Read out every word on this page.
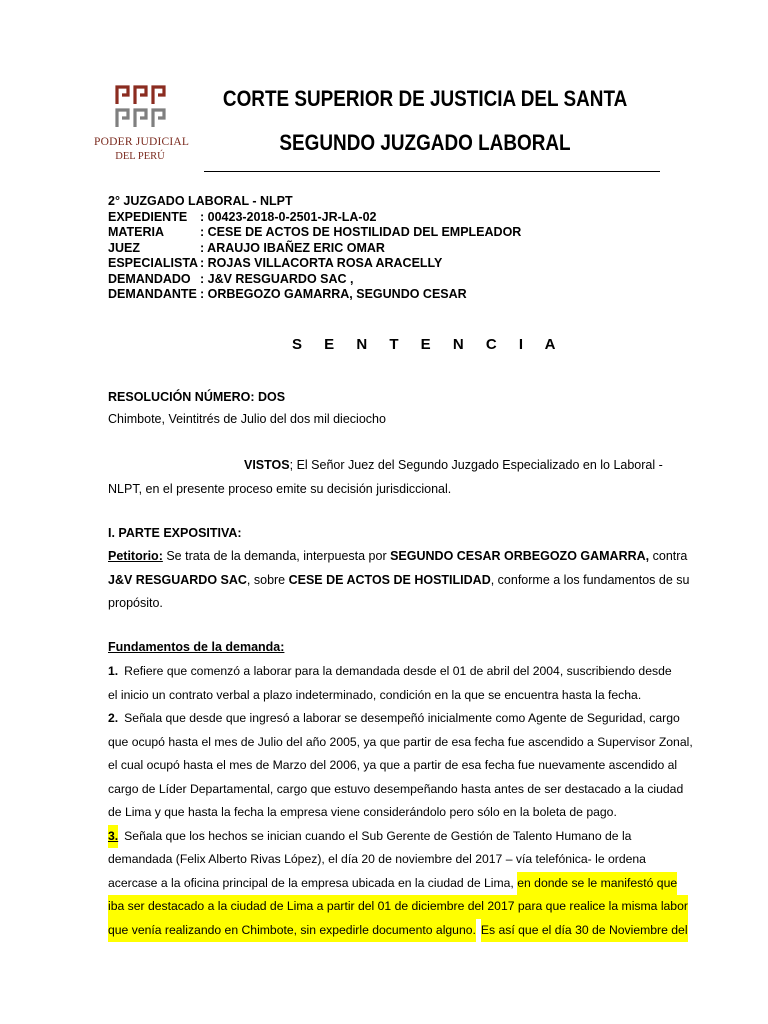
PODER JUDICIAL
DEL PERÚ
CORTE SUPERIOR DE JUSTICIA DEL SANTA
SEGUNDO JUZGADO LABORAL
2° JUZGADO LABORAL - NLPT
EXPEDIENTE	: 00423-2018-0-2501-JR-LA-02
MATERIA	: CESE DE ACTOS DE HOSTILIDAD DEL EMPLEADOR
JUEZ	: ARAUJO IBAÑEZ ERIC OMAR
ESPECIALISTA : ROJAS VILLACORTA ROSA ARACELLY
DEMANDADO : J&V RESGUARDO SAC ,
DEMANDANTE : ORBEGOZO GAMARRA, SEGUNDO CESAR
S E N T E N C I A
RESOLUCIÓN NÚMERO: DOS
Chimbote, Veintitrés de Julio del dos mil dieciocho
VISTOS; El Señor Juez del Segundo Juzgado Especializado en lo Laboral -
NLPT, en el presente proceso emite su decisión jurisdiccional.
I. PARTE EXPOSITIVA:
Petitorio: Se trata de la demanda, interpuesta por SEGUNDO CESAR ORBEGOZO GAMARRA, contra
J&V RESGUARDO SAC , sobre CESE DE ACTOS DE HOSTILIDAD , conforme a los fundamentos de su
propósito.
Fundamentos de la demanda:
1. Refiere que comenzó a laborar para la demandada desde el 01 de abril del 2004, suscribiendo desde
el inicio un contrato verbal a plazo indeterminado, condición en la que se encuentra hasta la fecha.
2. Señala que desde que ingresó a laborar se desempeñó inicialmente como Agente de Seguridad, cargo
que ocupó hasta el mes de Julio del año 2005, ya que partir de esa fecha fue ascendido a Supervisor Zonal,
el cual ocupó hasta el mes de Marzo del 2006, ya que a partir de esa fecha fue nuevamente ascendido al
cargo de Líder Departamental, cargo que estuvo desempeñando hasta antes de ser destacado a la ciudad
de Lima y que hasta la fecha la empresa viene considerándolo pero sólo en la boleta de pago.
3. Señala que los hechos se inician cuando el Sub Gerente de Gestión de Talento Humano de la
demandada (Felix Alberto Rivas López), el día 20 de noviembre del 2017 – vía telefónica- le ordena
acercase a la oficina principal de la empresa ubicada en la ciudad de Lima, en donde se le manifestó que
iba ser destacado a la ciudad de Lima a partir del 01 de diciembre del 2017 para que realice la misma labor
que venía realizando en Chimbote, sin expedirle documento alguno. Es así que el día 30 de Noviembre del
